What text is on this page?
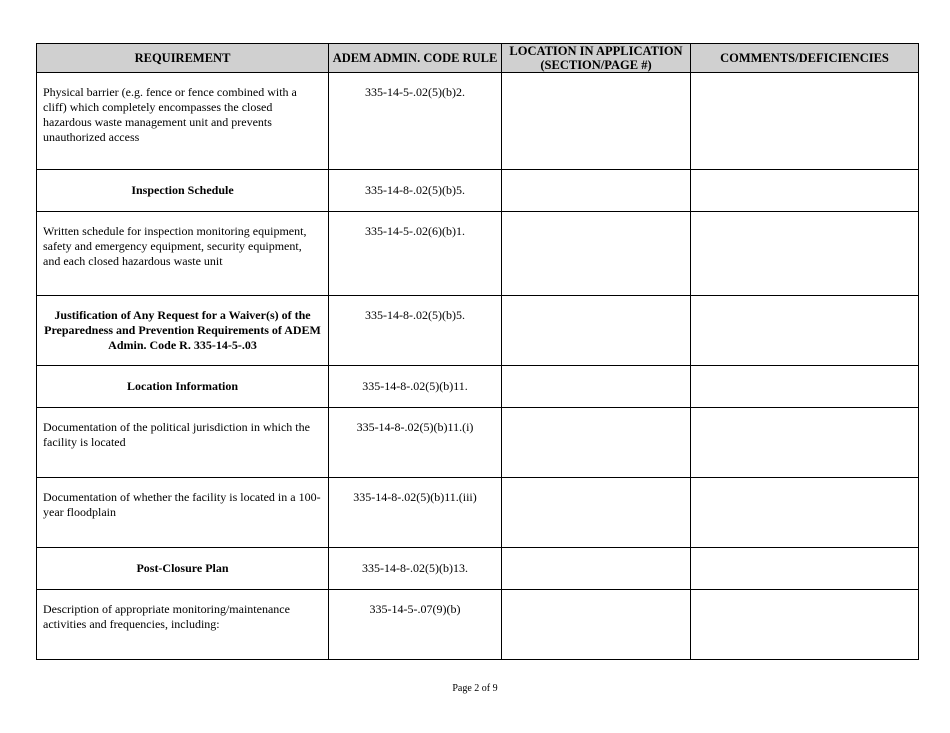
REQUIREMENT	ADEM ADMIN. CODE RULE	LOCATION IN APPLICATION
(SECTION/PAGE #)	COMMENTS/DEFICIENCIES

Physical barrier (e.g. fence or fence combined with a cliff) which completely encompasses the closed hazardous waste management unit and prevents unauthorized access	335-14-5-.02(5)(b)2.		

Inspection Schedule	335-14-8-.02(5)(b)5.		

Written schedule for inspection monitoring equipment, safety and emergency equipment, security equipment, and each closed hazardous waste unit	335-14-5-.02(6)(b)1.		

Justification of Any Request for a Waiver(s) of the Preparedness and Prevention Requirements of ADEM Admin. Code R. 335-14-5-.03	335-14-8-.02(5)(b)5.		

Location Information	335-14-8-.02(5)(b)11.		

Documentation of the political jurisdiction in which the facility is located	335-14-8-.02(5)(b)11.(i)		

Documentation of whether the facility is located in a 100-year floodplain	335-14-8-.02(5)(b)11.(iii)		

Post-Closure Plan	335-14-8-.02(5)(b)13.		

Description of appropriate monitoring/maintenance activities and frequencies, including:	335-14-5-.07(9)(b)		

Page 2 of 9
